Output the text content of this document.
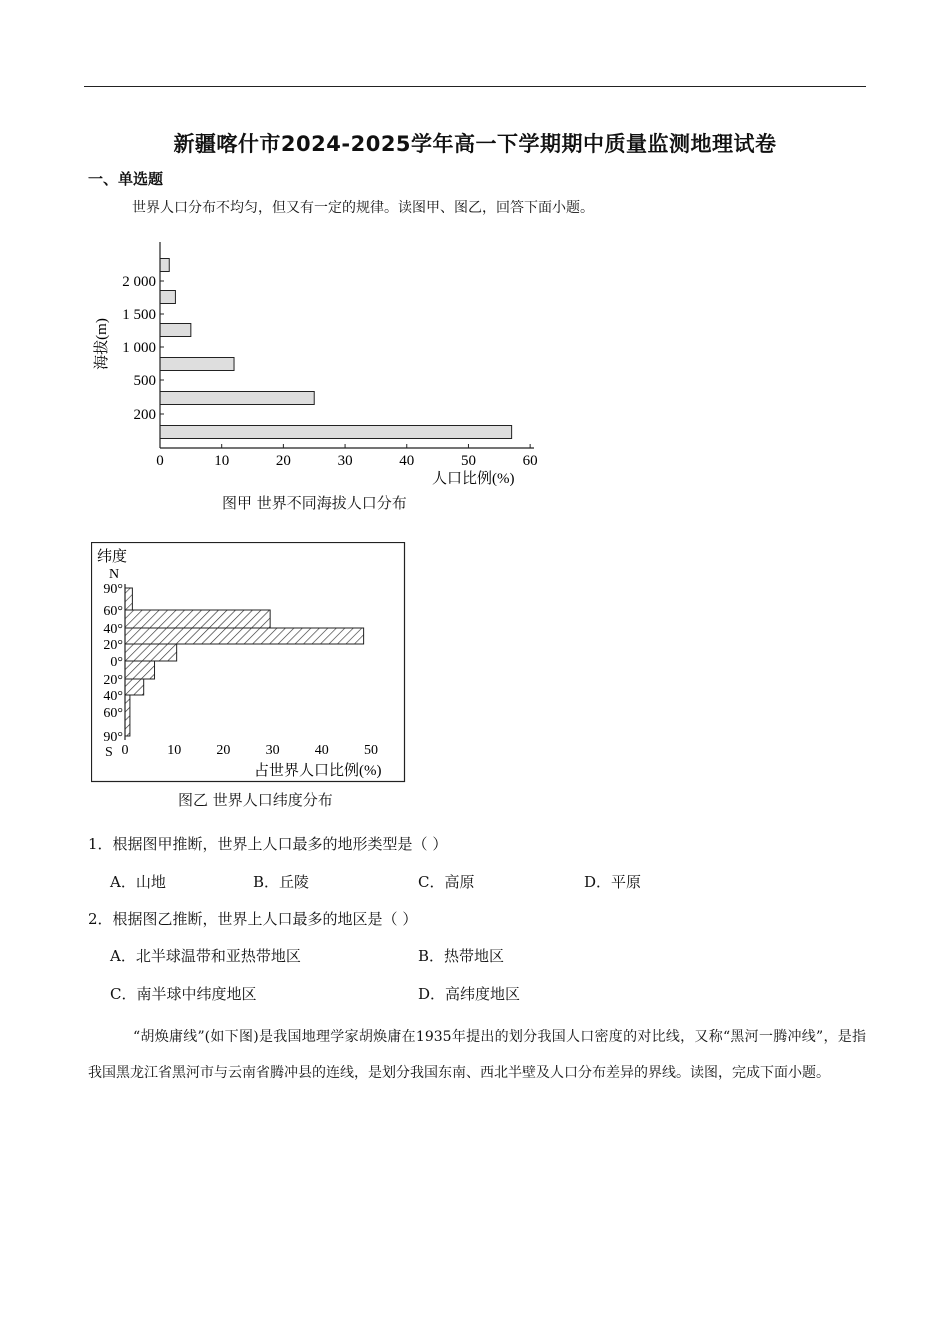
新疆喀什市2024-2025学年高一下学期期中质量监测地理试卷
一、单选题
世界人口分布不均匀，但又有一定的规律。读图甲、图乙，回答下面小题。
200
500
1 000
1 500
2 000
0	10	20	30	40	50	60
人口比例(%)
海拔(m)
图甲 世界不同海拔人口分布
90°
60°
40°
20°
0°
20°
40°
60°
90°
0	10	20	30	40	50
纬度
N
S
占世界人口比例(%)
图乙 世界人口纬度分布
1．根据图甲推断，世界上人口最多的地形类型是（ ）
A．山地	B．丘陵	C．高原	D．平原
2．根据图乙推断，世界上人口最多的地区是（ ）
A．北半球温带和亚热带地区	B．热带地区
C．南半球中纬度地区	D．高纬度地区
“胡焕庸线”(如下图)是我国地理学家胡焕庸在1935年提出的划分我国人口密度的对比线，又称“黑河一腾冲线”，是指我国黑龙江省黑河市与云南省腾冲县的连线，是划分我国东南、西北半壁及人口分布差异的界线。读图，完成下面小题。
